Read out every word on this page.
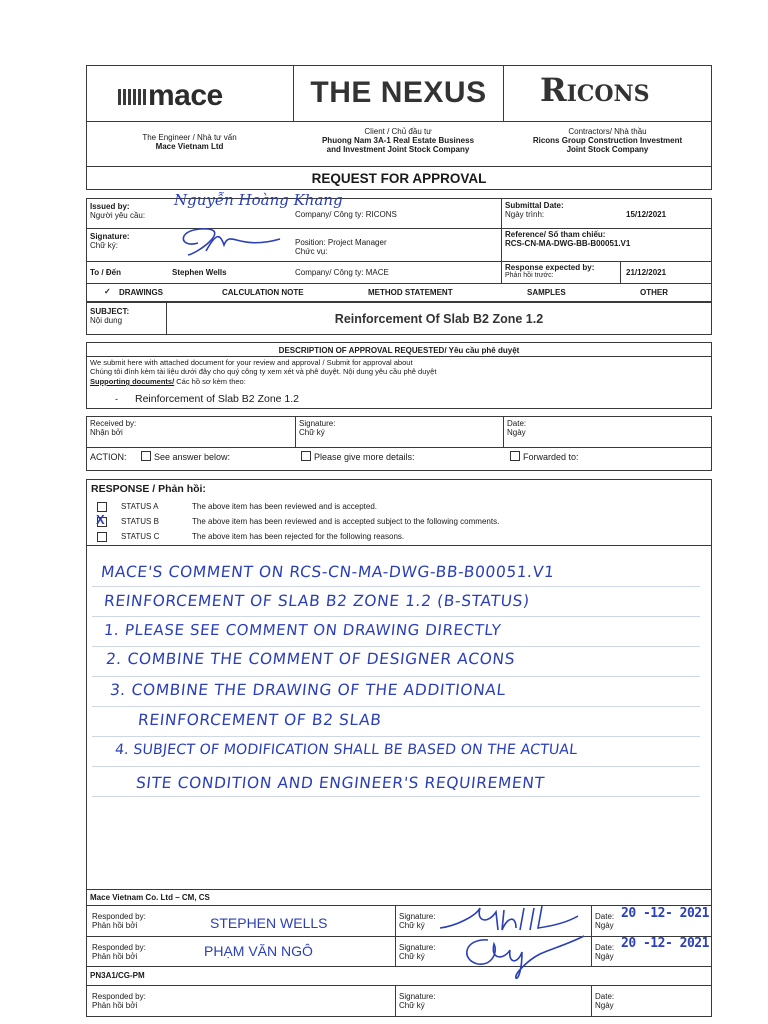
mace	THE NEXUS	Ricons
The Engineer / Nhà tư vấn
Mace Vietnam Ltd
Client / Chủ đầu tư
Phuong Nam 3A-1 Real Estate Business
and Investment Joint Stock Company
Contractors/ Nhà thầu
Ricons Group Construction Investment
Joint Stock Company
REQUEST FOR APPROVAL
Issued by:
Người yêu cầu:
Nguyễn Hoàng Khang
Company/ Công ty: RICONS
Submittal Date:
Ngày trình:	15/12/2021
Signature:
Chữ ký:	Position: Project Manager
Chức vụ:
Reference/ Số tham chiếu:
RCS-CN-MA-DWG-BB-B00051.V1
To / Đến	Stephen Wells	Company/ Công ty: MACE
Response expected by:
Phản hồi trước:	21/12/2021
✓ DRAWINGS	CALCULATION NOTE	METHOD STATEMENT	SAMPLES	OTHER
SUBJECT:
Nội dung	Reinforcement Of Slab B2 Zone 1.2
DESCRIPTION OF APPROVAL REQUESTED/ Yêu cầu phê duyệt
We submit here with attached document for your review and approval / Submit for approval about
Chúng tôi đính kèm tài liệu dưới đây cho quý công ty xem xét và phê duyệt. Nội dung yêu cầu phê duyệt
Supporting documents/ Các hồ sơ kèm theo:
- Reinforcement of Slab B2 Zone 1.2
Received by:
Nhận bởi
Signature:
Chữ ký
Date:
Ngày
ACTION:	See answer below:	Please give more details:	Forwarded to:
RESPONSE / Phản hồi:
STATUS A	The above item has been reviewed and is accepted.
X STATUS B	The above item has been reviewed and is accepted subject to the following comments.
STATUS C	The above item has been rejected for the following reasons.
MACE'S COMMENT ON RCS-CN-MA-DWG-BB-B00051.V1
REINFORCEMENT OF SLAB B2 ZONE 1.2 (B-STATUS)
1. PLEASE SEE COMMENT ON DRAWING DIRECTLY
2. COMBINE THE COMMENT OF DESIGNER ACONS
3. COMBINE THE DRAWING OF THE ADDITIONAL
REINFORCEMENT OF B2 SLAB
4. SUBJECT OF MODIFICATION SHALL BE BASED ON THE ACTUAL
SITE CONDITION AND ENGINEER'S REQUIREMENT
Mace Vietnam Co. Ltd – CM, CS
Responded by:
Phản hồi bởi	STEPHEN WELLS	Signature:
Chữ ký
Date:
Ngày
20 -12- 2021
Responded by:
Phản hồi bởi	PHẠM VĂN NGÔ	Signature:
Chữ ký
Date:
Ngày
20 -12- 2021
PN3A1/CG-PM
Responded by:
Phản hồi bởi
Signature:
Chữ ký
Date:
Ngày
